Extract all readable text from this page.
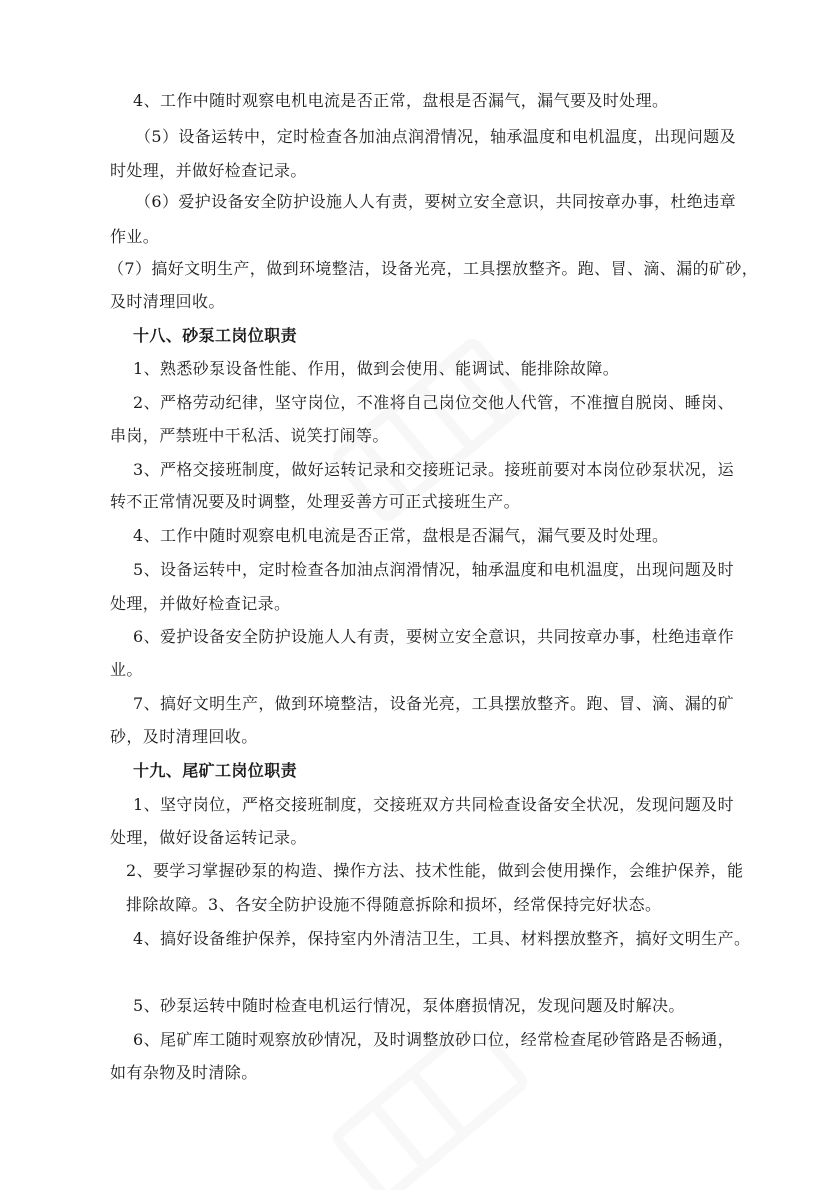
4、工作中随时观察电机电流是否正常，盘根是否漏气，漏气要及时处理。
（5）设备运转中，定时检查各加油点润滑情况，轴承温度和电机温度，出现问题及
时处理，并做好检查记录。
（6）爱护设备安全防护设施人人有责，要树立安全意识，共同按章办事，杜绝违章
作业。
（7）搞好文明生产，做到环境整洁，设备光亮，工具摆放整齐。跑、冒、滴、漏的矿砂，
及时清理回收。
十八、砂泵工岗位职责
1、熟悉砂泵设备性能、作用，做到会使用、能调试、能排除故障。
2、严格劳动纪律，坚守岗位，不准将自己岗位交他人代管，不准擅自脱岗、睡岗、
串岗，严禁班中干私活、说笑打闹等。
3、严格交接班制度，做好运转记录和交接班记录。接班前要对本岗位砂泵状况，运
转不正常情况要及时调整，处理妥善方可正式接班生产。
4、工作中随时观察电机电流是否正常，盘根是否漏气，漏气要及时处理。
5、设备运转中，定时检查各加油点润滑情况，轴承温度和电机温度，出现问题及时
处理，并做好检查记录。
6、爱护设备安全防护设施人人有责，要树立安全意识，共同按章办事，杜绝违章作
业。
7、搞好文明生产，做到环境整洁，设备光亮，工具摆放整齐。跑、冒、滴、漏的矿
砂，及时清理回收。
十九、尾矿工岗位职责
1、坚守岗位，严格交接班制度，交接班双方共同检查设备安全状况，发现问题及时
处理，做好设备运转记录。
2、要学习掌握砂泵的构造、操作方法、技术性能，做到会使用操作，会维护保养，能
排除故障。3、各安全防护设施不得随意拆除和损坏，经常保持完好状态。
4、搞好设备维护保养，保持室内外清洁卫生，工具、材料摆放整齐，搞好文明生产。
5、砂泵运转中随时检查电机运行情况，泵体磨损情况，发现问题及时解决。
6、尾矿库工随时观察放砂情况，及时调整放砂口位，经常检查尾砂管路是否畅通，
如有杂物及时清除。
